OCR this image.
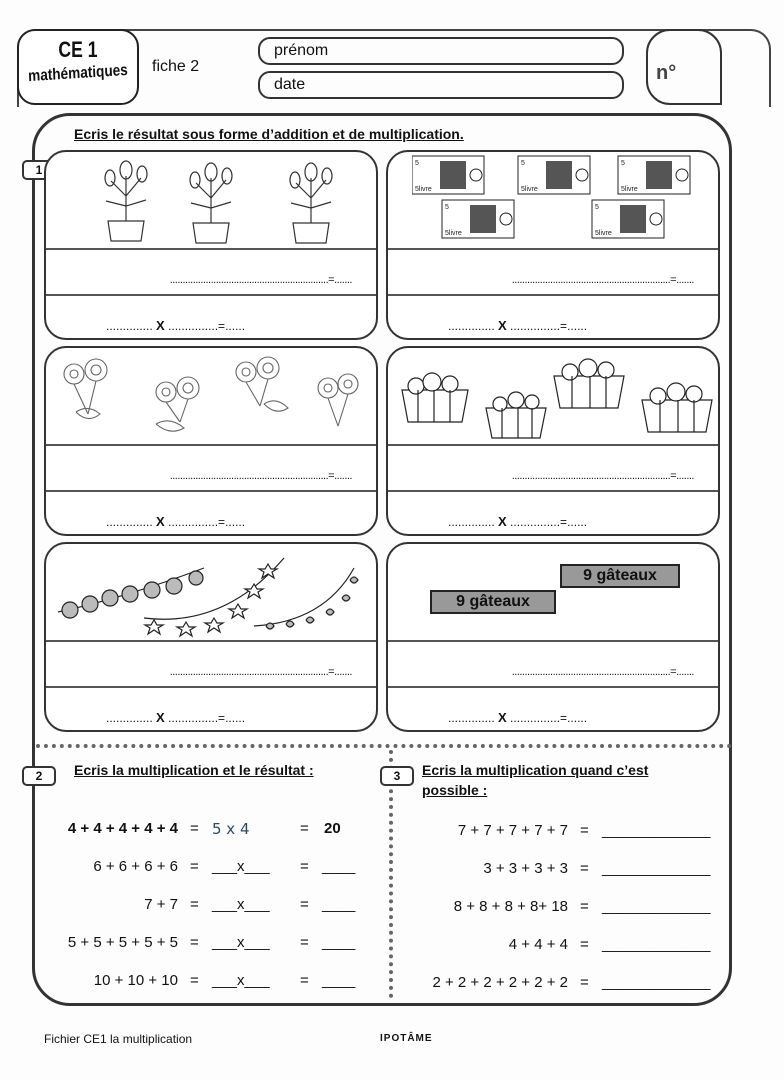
CE 1
mathématiques fiche 2
prénom
date
n°
Ecris le résultat sous forme d’addition et de multiplication.
1
..............................................................=.......
.............. X ...............=......
5
5livre
5
5livre
5
5livre
5
5livre
5
5livre
..............................................................=.......
.............. X ...............=......
..............................................................=.......
.............. X ...............=......
..............................................................=.......
.............. X ...............=......
..............................................................=.......
.............. X ...............=......
..............................................................=.......
.............. X ...............=......
9 gâteaux
9 gâteaux
2	Ecris la multiplication et le résultat :
4 + 4 + 4 + 4 + 4 = 5 x 4	= 20
6 + 6 + 6 + 6 = ___x___ = ____
7 + 7 = ___x___ = ____
5 + 5 + 5 + 5 + 5 = ___x___ = ____
10 + 10 + 10 = ___x___ = ____
3	Ecris la multiplication quand c’est
possible :
7 + 7 + 7 + 7 + 7 = _____________
3 + 3 + 3 + 3 = _____________
8 + 8 + 8 + 8+ 18 = _____________
4 + 4 + 4 = _____________
2 + 2 + 2 + 2 + 2 + 2 = _____________
Fichier CE1 la multiplication	IPOTÂME
